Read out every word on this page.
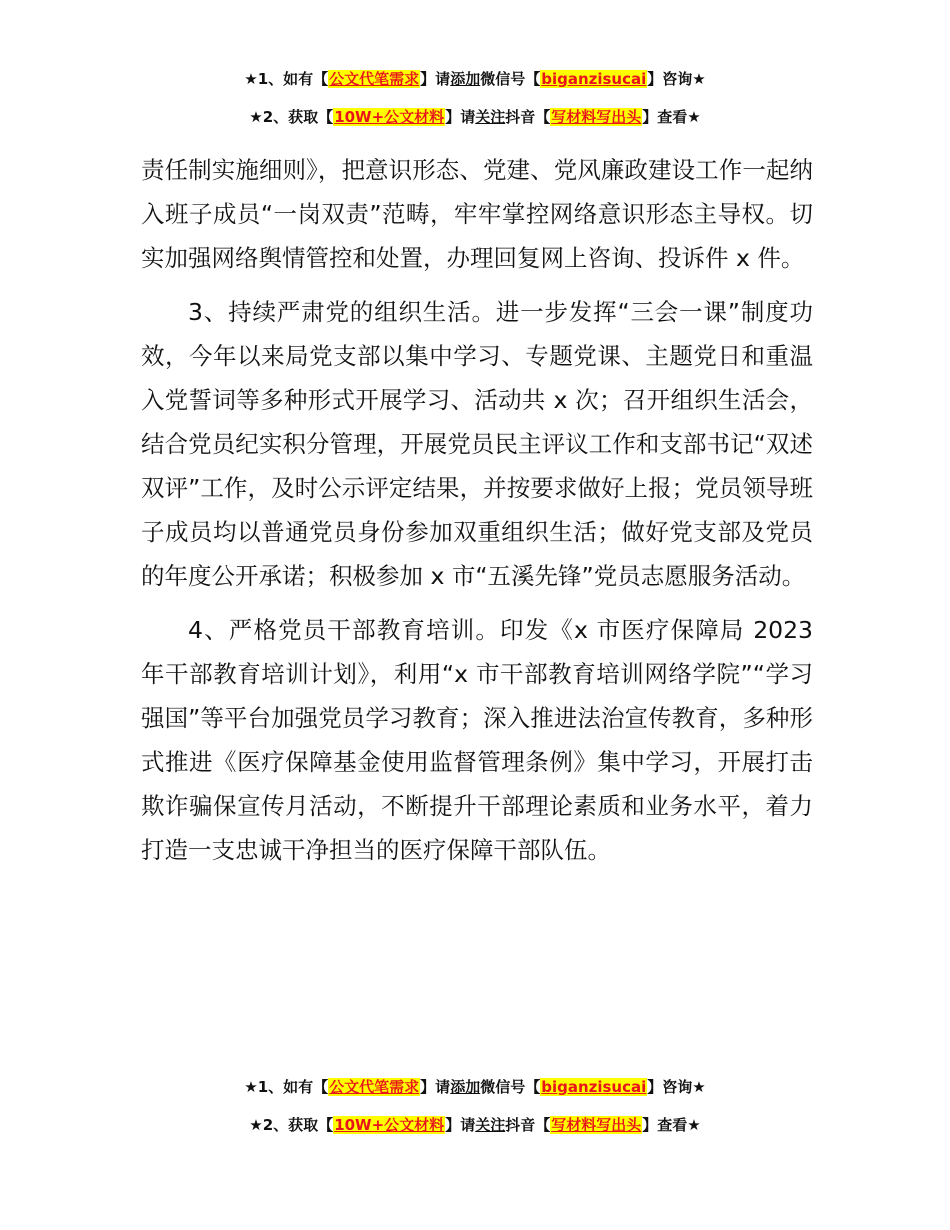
★1、如有【公文代笔需求】请添加微信号【biganzisucai】咨询★
★2、获取【10W+公文材料】请关注抖音【写材料写出头】查看★

责任制实施细则》，把意识形态、党建、党风廉政建设工作一起纳入班子成员“一岗双责”范畴，牢牢掌控网络意识形态主导权。切实加强网络舆情管控和处置，办理回复网上咨询、投诉件 x 件。

3、持续严肃党的组织生活。进一步发挥“三会一课”制度功效，今年以来局党支部以集中学习、专题党课、主题党日和重温入党誓词等多种形式开展学习、活动共 x 次；召开组织生活会，结合党员纪实积分管理，开展党员民主评议工作和支部书记“双述双评”工作，及时公示评定结果，并按要求做好上报；党员领导班子成员均以普通党员身份参加双重组织生活；做好党支部及党员的年度公开承诺；积极参加 x 市“五溪先锋”党员志愿服务活动。

4、严格党员干部教育培训。印发《x 市医疗保障局 2023 年干部教育培训计划》，利用“x 市干部教育培训网络学院”“学习强国”等平台加强党员学习教育；深入推进法治宣传教育，多种形式推进《医疗保障基金使用监督管理条例》集中学习，开展打击欺诈骗保宣传月活动，不断提升干部理论素质和业务水平，着力打造一支忠诚干净担当的医疗保障干部队伍。

★1、如有【公文代笔需求】请添加微信号【biganzisucai】咨询★
★2、获取【10W+公文材料】请关注抖音【写材料写出头】查看★
